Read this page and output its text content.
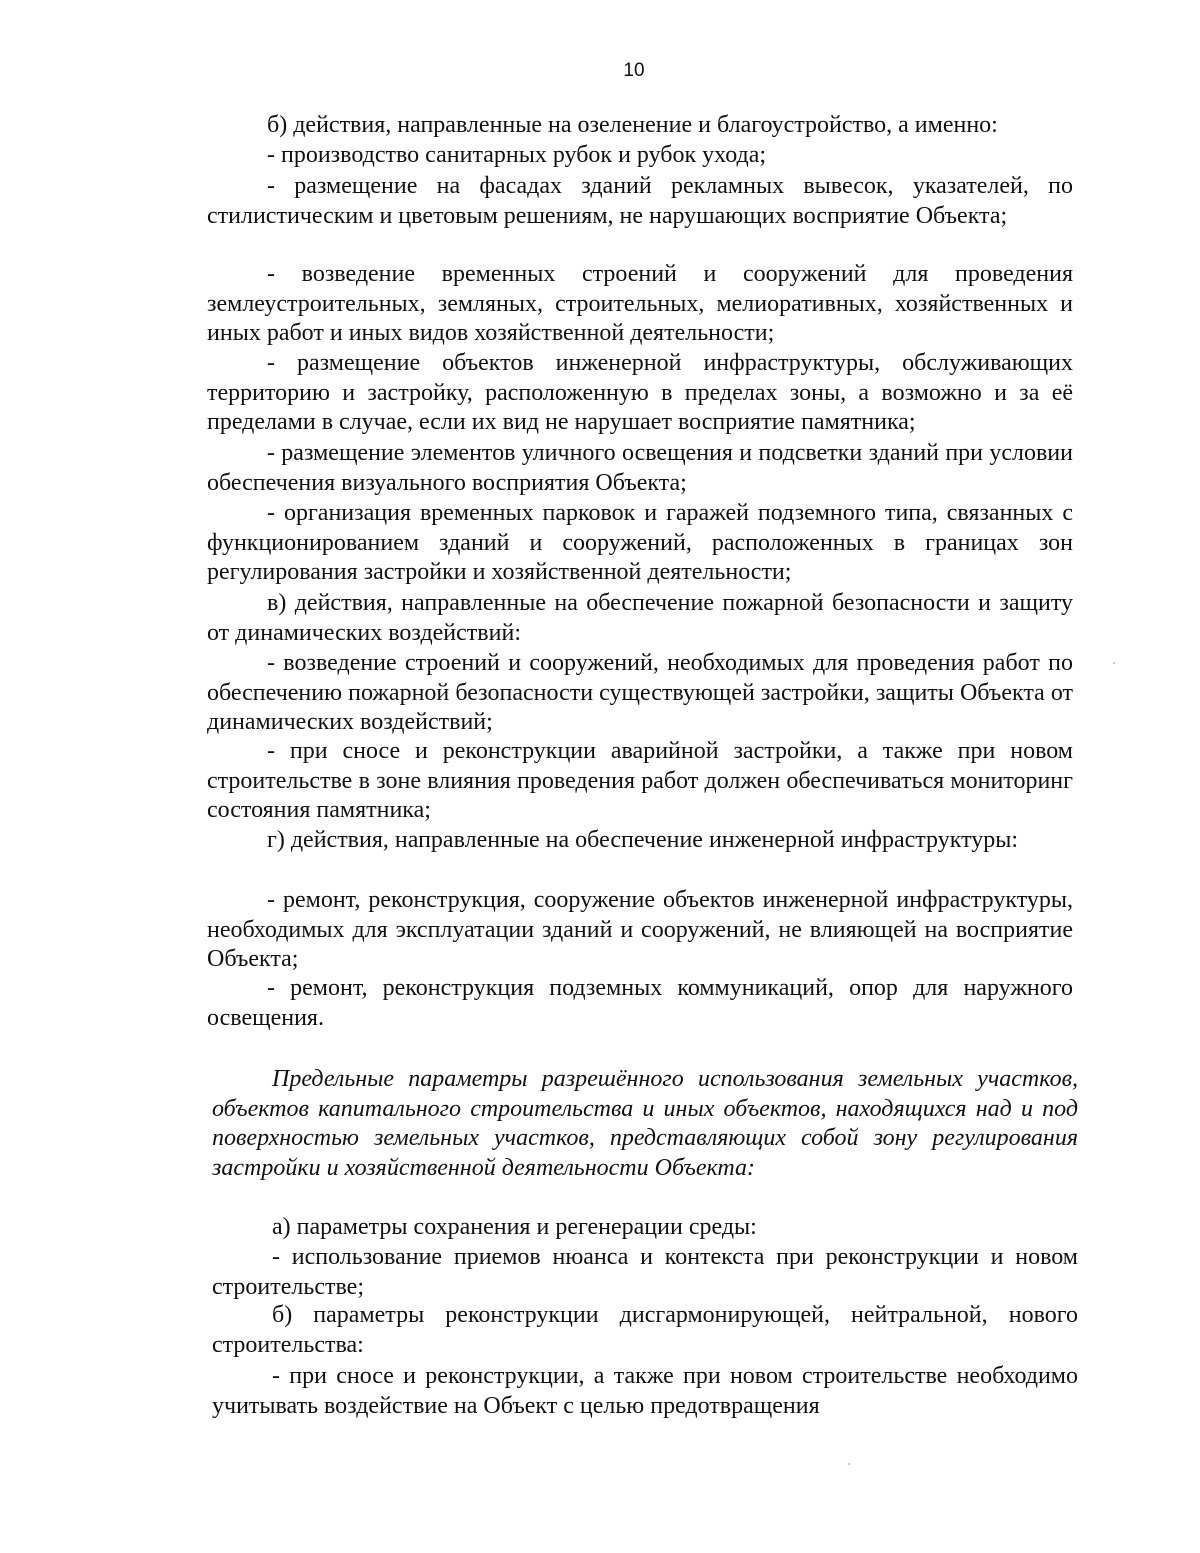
10

б) действия, направленные на озеленение и благоустройство, а именно:

- производство санитарных рубок и рубок ухода;

- размещение на фасадах зданий рекламных вывесок, указателей, по стилистическим и цветовым решениям, не нарушающих восприятие Объекта;

- возведение временных строений и сооружений для проведения землеустроительных, земляных, строительных, мелиоративных, хозяйственных и иных работ и иных видов хозяйственной деятельности;

- размещение объектов инженерной инфраструктуры, обслуживающих территорию и застройку, расположенную в пределах зоны, а возможно и за её пределами в случае, если их вид не нарушает восприятие памятника;

- размещение элементов уличного освещения и подсветки зданий при условии обеспечения визуального восприятия Объекта;

- организация временных парковок и гаражей подземного типа, связанных с функционированием зданий и сооружений, расположенных в границах зон регулирования застройки и хозяйственной деятельности;

в) действия, направленные на обеспечение пожарной безопасности и защиту от динамических воздействий:

- возведение строений и сооружений, необходимых для проведения работ по обеспечению пожарной безопасности существующей застройки, защиты Объекта от динамических воздействий;

- при сносе и реконструкции аварийной застройки, а также при новом строительстве в зоне влияния проведения работ должен обеспечиваться мониторинг состояния памятника;

г) действия, направленные на обеспечение инженерной инфраструктуры:

- ремонт, реконструкция, сооружение объектов инженерной инфраструктуры, необходимых для эксплуатации зданий и сооружений, не влияющей на восприятие Объекта;

- ремонт, реконструкция подземных коммуникаций, опор для наружного освещения.

Предельные параметры разрешённого использования земельных участков, объектов капитального строительства и иных объектов, находящихся над и под поверхностью земельных участков, представляющих собой зону регулирования застройки и хозяйственной деятельности Объекта:

а) параметры сохранения и регенерации среды:

- использование приемов нюанса и контекста при реконструкции и новом строительстве;

б) параметры реконструкции дисгармонирующей, нейтральной, нового строительства:

- при сносе и реконструкции, а также при новом строительстве необходимо учитывать воздействие на Объект с целью предотвращения
